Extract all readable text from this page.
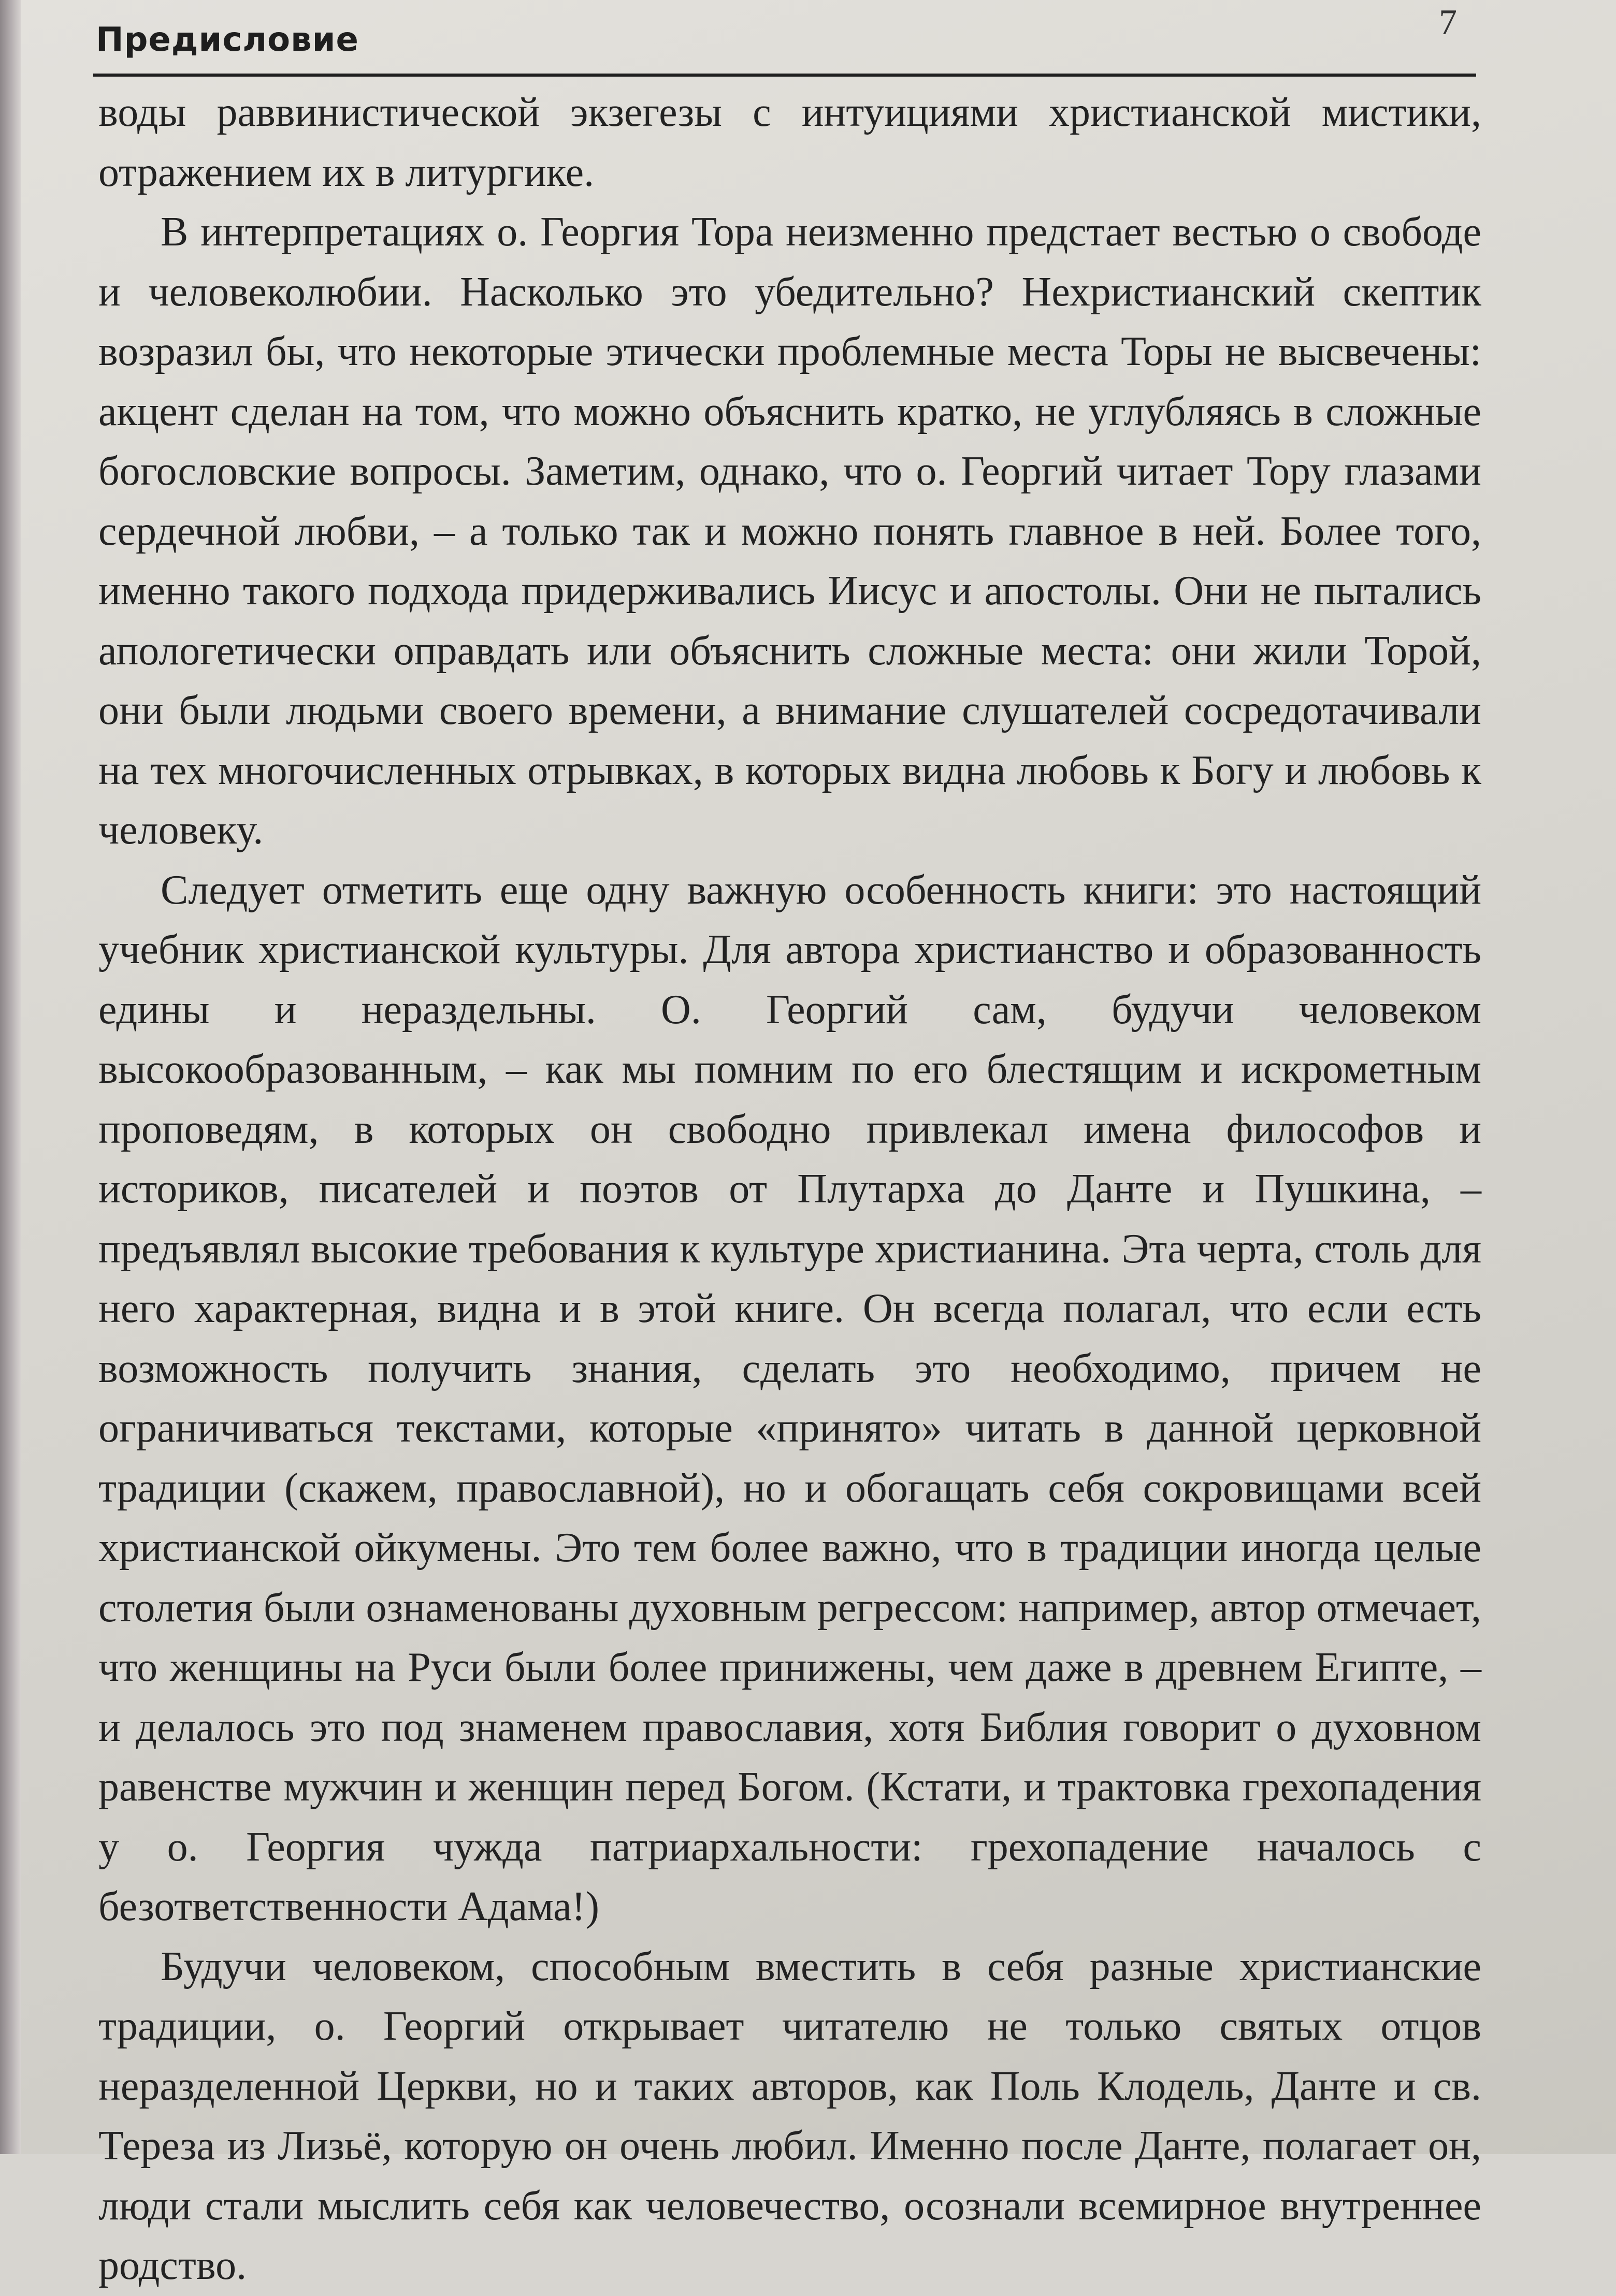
Предисловие	7

воды раввинистической экзегезы с интуициями христианской мистики, отражением их в литургике.

В интерпретациях о. Георгия Тора неизменно предстает вестью о свободе и человеколюбии. Насколько это убедительно? Нехристианский скептик возразил бы, что некоторые этически проблемные места Торы не высвечены: акцент сделан на том, что можно объяснить кратко, не углубляясь в сложные богословские вопросы. Заметим, однако, что о. Георгий читает Тору глазами сердечной любви, – а только так и можно понять главное в ней. Более того, именно такого подхода придерживались Иисус и апостолы. Они не пытались апологетически оправдать или объяснить сложные места: они жили Торой, они были людьми своего времени, а внимание слушателей сосредотачивали на тех многочисленных отрывках, в которых видна любовь к Богу и любовь к человеку.

Следует отметить еще одну важную особенность книги: это настоящий учебник христианской культуры. Для автора христианство и образованность едины и нераздельны. О. Георгий сам, будучи человеком высокообразованным, – как мы помним по его блестящим и искрометным проповедям, в которых он свободно привлекал имена философов и историков, писателей и поэтов от Плутарха до Данте и Пушкина, – предъявлял высокие требования к культуре христианина. Эта черта, столь для него характерная, видна и в этой книге. Он всегда полагал, что если есть возможность получить знания, сделать это необходимо, причем не ограничиваться текстами, которые «принято» читать в данной церковной традиции (скажем, православной), но и обогащать себя сокровищами всей христианской ойкумены. Это тем более важно, что в традиции иногда целые столетия были ознаменованы духовным регрессом: например, автор отмечает, что женщины на Руси были более принижены, чем даже в древнем Египте, – и делалось это под знаменем православия, хотя Библия говорит о духовном равенстве мужчин и женщин перед Богом. (Кстати, и трактовка грехопадения у о. Георгия чужда патриархальности: грехопадение началось с безответственности Адама!)

Будучи человеком, способным вместить в себя разные христианские традиции, о. Георгий открывает читателю не только святых отцов неразделенной Церкви, но и таких авторов, как Поль Клодель, Данте и св. Тереза из Лизьё, которую он очень любил. Именно после Данте, полагает он, люди стали мыслить себя как человечество, осознали всемирное внутреннее родство.
